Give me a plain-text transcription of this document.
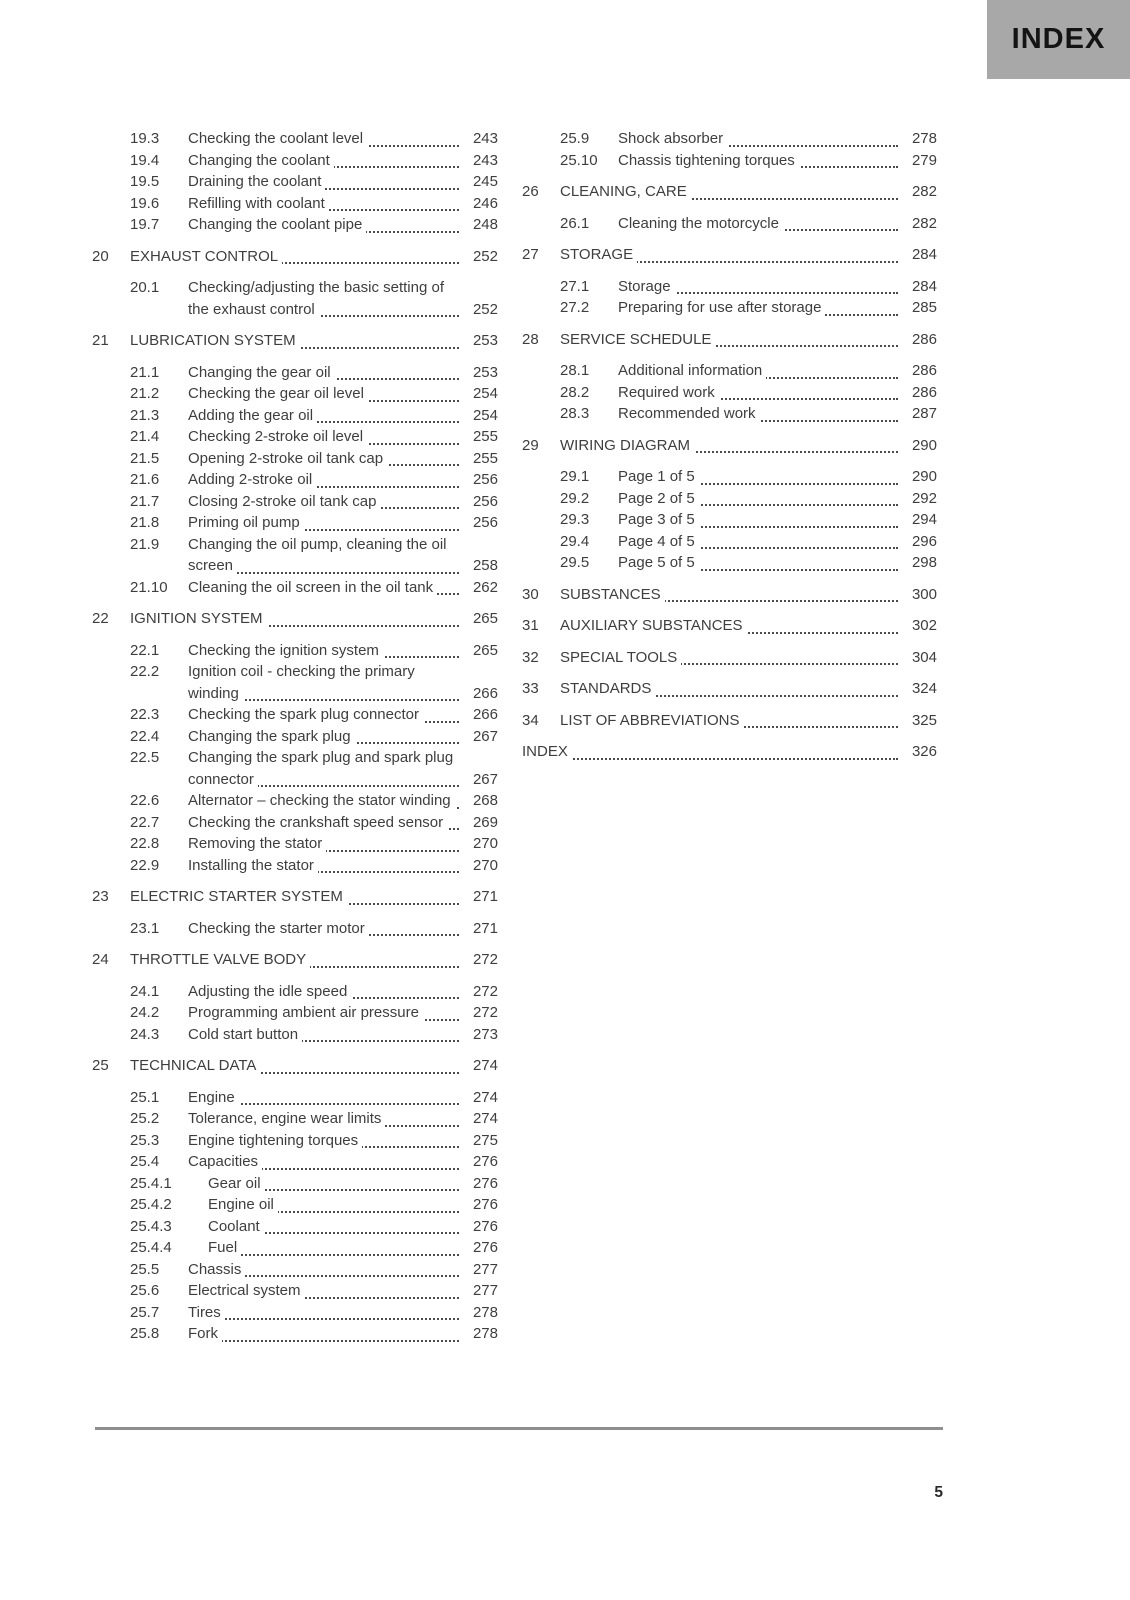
INDEX
19.3	Checking the coolant level	243
19.4	Changing the coolant	243
19.5	Draining the coolant	245
19.6	Refilling with coolant	246
19.7	Changing the coolant pipe	248
20	EXHAUST CONTROL	252
20.1	Checking/adjusting the basic setting of the exhaust control	252
21	LUBRICATION SYSTEM	253
21.1	Changing the gear oil	253
21.2	Checking the gear oil level	254
21.3	Adding the gear oil	254
21.4	Checking 2-stroke oil level	255
21.5	Opening 2-stroke oil tank cap	255
21.6	Adding 2-stroke oil	256
21.7	Closing 2-stroke oil tank cap	256
21.8	Priming oil pump	256
21.9	Changing the oil pump, cleaning the oil screen	258
21.10	Cleaning the oil screen in the oil tank	262
22	IGNITION SYSTEM	265
22.1	Checking the ignition system	265
22.2	Ignition coil - checking the primary winding	266
22.3	Checking the spark plug connector	266
22.4	Changing the spark plug	267
22.5	Changing the spark plug and spark plug connector	267
22.6	Alternator – checking the stator winding	268
22.7	Checking the crankshaft speed sensor	269
22.8	Removing the stator	270
22.9	Installing the stator	270
23	ELECTRIC STARTER SYSTEM	271
23.1	Checking the starter motor	271
24	THROTTLE VALVE BODY	272
24.1	Adjusting the idle speed	272
24.2	Programming ambient air pressure	272
24.3	Cold start button	273
25	TECHNICAL DATA	274
25.1	Engine	274
25.2	Tolerance, engine wear limits	274
25.3	Engine tightening torques	275
25.4	Capacities	276
25.4.1	Gear oil	276
25.4.2	Engine oil	276
25.4.3	Coolant	276
25.4.4	Fuel	276
25.5	Chassis	277
25.6	Electrical system	277
25.7	Tires	278
25.8	Fork	278
25.9	Shock absorber	278
25.10	Chassis tightening torques	279
26	CLEANING, CARE	282
26.1	Cleaning the motorcycle	282
27	STORAGE	284
27.1	Storage	284
27.2	Preparing for use after storage	285
28	SERVICE SCHEDULE	286
28.1	Additional information	286
28.2	Required work	286
28.3	Recommended work	287
29	WIRING DIAGRAM	290
29.1	Page 1 of 5	290
29.2	Page 2 of 5	292
29.3	Page 3 of 5	294
29.4	Page 4 of 5	296
29.5	Page 5 of 5	298
30	SUBSTANCES	300
31	AUXILIARY SUBSTANCES	302
32	SPECIAL TOOLS	304
33	STANDARDS	324
34	LIST OF ABBREVIATIONS	325
INDEX	326
5
